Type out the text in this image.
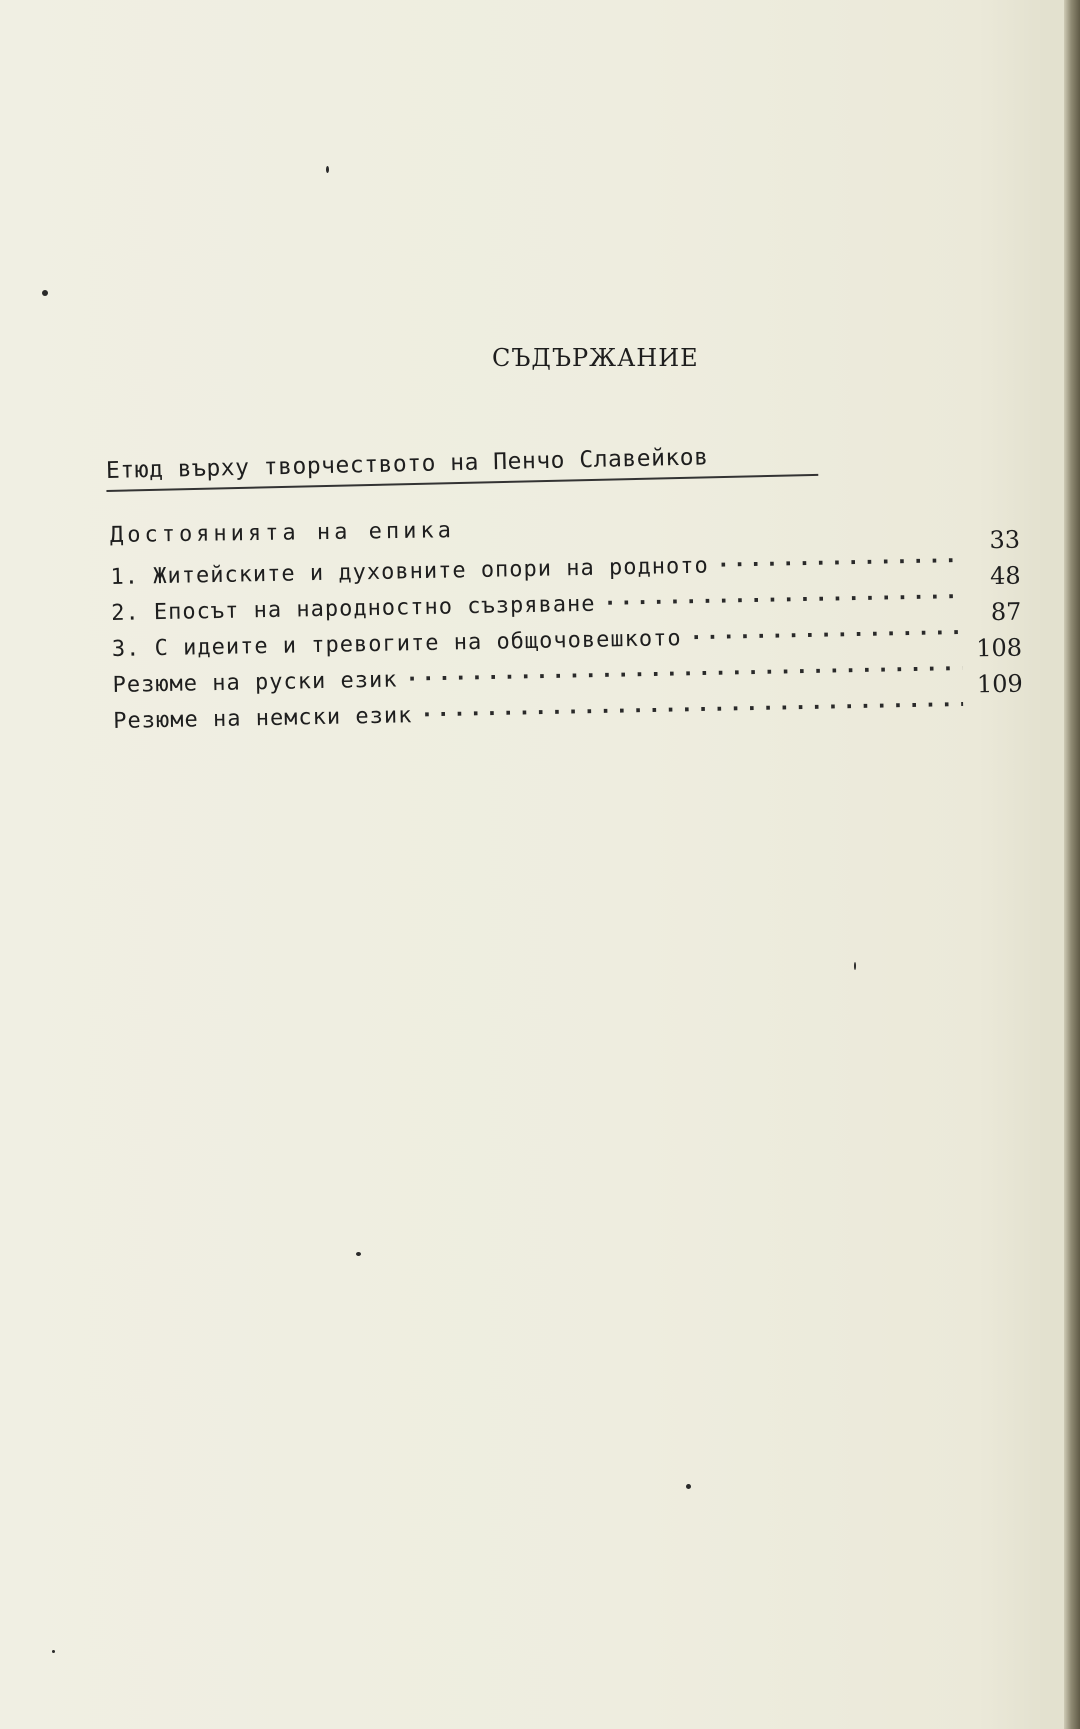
СЪДЪРЖАНИЕ
Етюд върху творчеството на Пенчо Славейков
Достоянията на епика
1. Житейските и духовните опори на родното
·····
33
2. Епосът на народностно съзряване
·····
48
3. С идеите и тревогите на общочовешкото
·····
87
Резюме на руски език
·····
108
Резюме на немски език
·····
109
